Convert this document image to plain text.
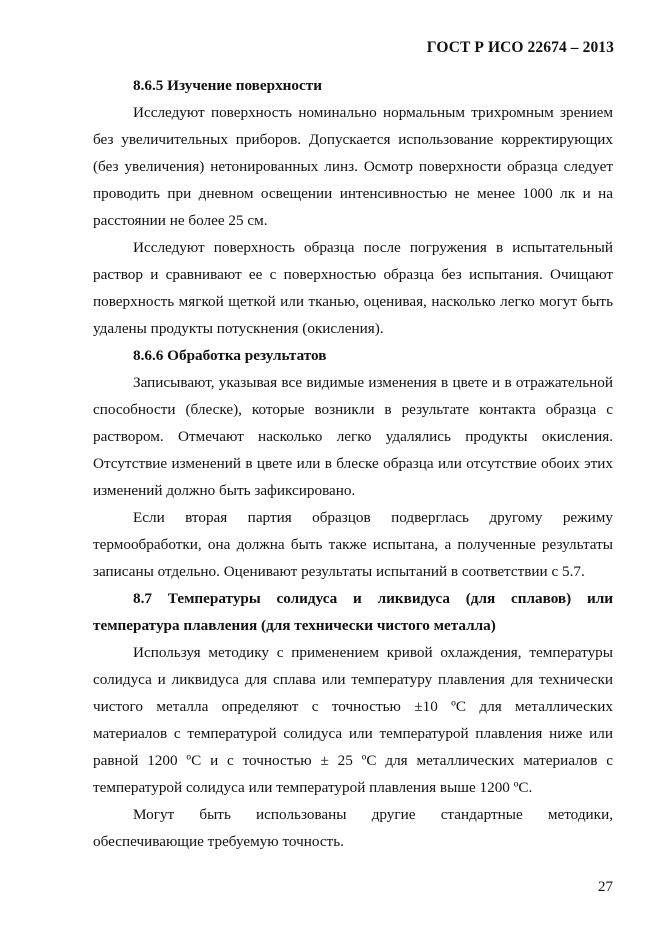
ГОСТ Р ИСО 22674 – 2013

8.6.5 Изучение поверхности

Исследуют поверхность номинально нормальным трихромным зрением без увеличительных приборов. Допускается использование корректирующих (без увеличения) нетонированных линз. Осмотр поверхности образца следует проводить при дневном освещении интенсивностью не менее 1000 лк и на расстоянии не более 25 см.

Исследуют поверхность образца после погружения в испытательный раствор и сравнивают ее с поверхностью образца без испытания. Очищают поверхность мягкой щеткой или тканью, оценивая, насколько легко могут быть удалены продукты потускнения (окисления).

8.6.6 Обработка результатов

Записывают, указывая все видимые изменения в цвете и в отражательной способности (блеске), которые возникли в результате контакта образца с раствором. Отмечают насколько легко удалялись продукты окисления. Отсутствие изменений в цвете или в блеске образца или отсутствие обоих этих изменений должно быть зафиксировано.

Если вторая партия образцов подверглась другому режиму термообработки, она должна быть также испытана, а полученные результаты записаны отдельно. Оценивают результаты испытаний в соответствии с 5.7.

8.7 Температуры солидуса и ликвидуса (для сплавов) или температура плавления (для технически чистого металла)

Используя методику с применением кривой охлаждения, температуры солидуса и ликвидуса для сплава или температуру плавления для технически чистого металла определяют с точностью ±10 ºС для металлических материалов с температурой солидуса или температурой плавления ниже или равной 1200 ºС и с точностью ± 25 ºС для металлических материалов с температурой солидуса или температурой плавления выше 1200 ºС.

Могут быть использованы другие стандартные методики, обеспечивающие требуемую точность.

27
